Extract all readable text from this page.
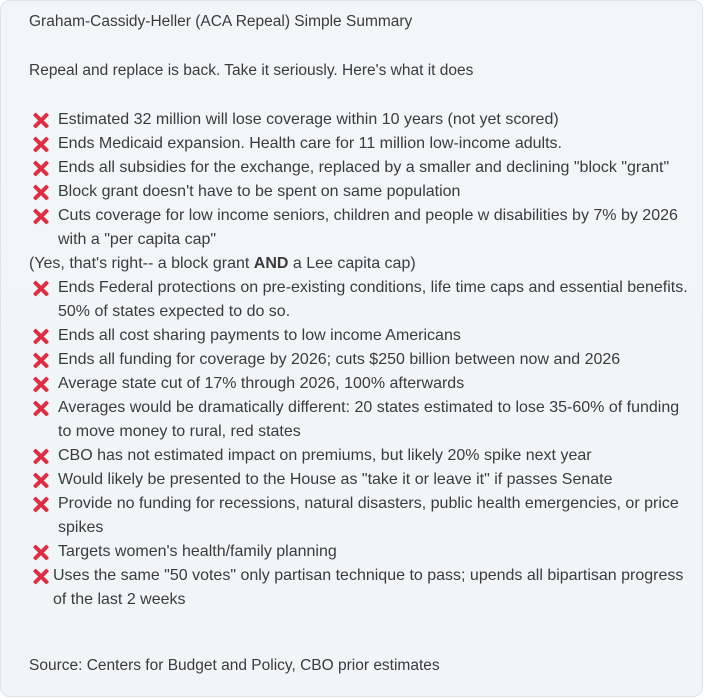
Graham-Cassidy-Heller (ACA Repeal) Simple Summary
Repeal and replace is back. Take it seriously. Here's what it does
Estimated 32 million will lose coverage within 10 years (not yet scored)
Ends Medicaid expansion. Health care for 11 million low-income adults.
Ends all subsidies for the exchange, replaced by a smaller and declining "block "grant"
Block grant doesn't have to be spent on same population
Cuts coverage for low income seniors, children and people w disabilities by 7% by 2026 with a "per capita cap"
(Yes, that's right-- a block grant AND a Lee capita cap)
Ends Federal protections on pre-existing conditions, life time caps and essential benefits. 50% of states expected to do so.
Ends all cost sharing payments to low income Americans
Ends all funding for coverage by 2026; cuts $250 billion between now and 2026
Average state cut of 17% through 2026, 100% afterwards
Averages would be dramatically different: 20 states estimated to lose 35-60% of funding to move money to rural, red states
CBO has not estimated impact on premiums, but likely 20% spike next year
Would likely be presented to the House as "take it or leave it" if passes Senate
Provide no funding for recessions, natural disasters, public health emergencies, or price spikes
Targets women's health/family planning
Uses the same "50 votes" only partisan technique to pass; upends all bipartisan progress of the last 2 weeks
Source: Centers for Budget and Policy, CBO prior estimates
